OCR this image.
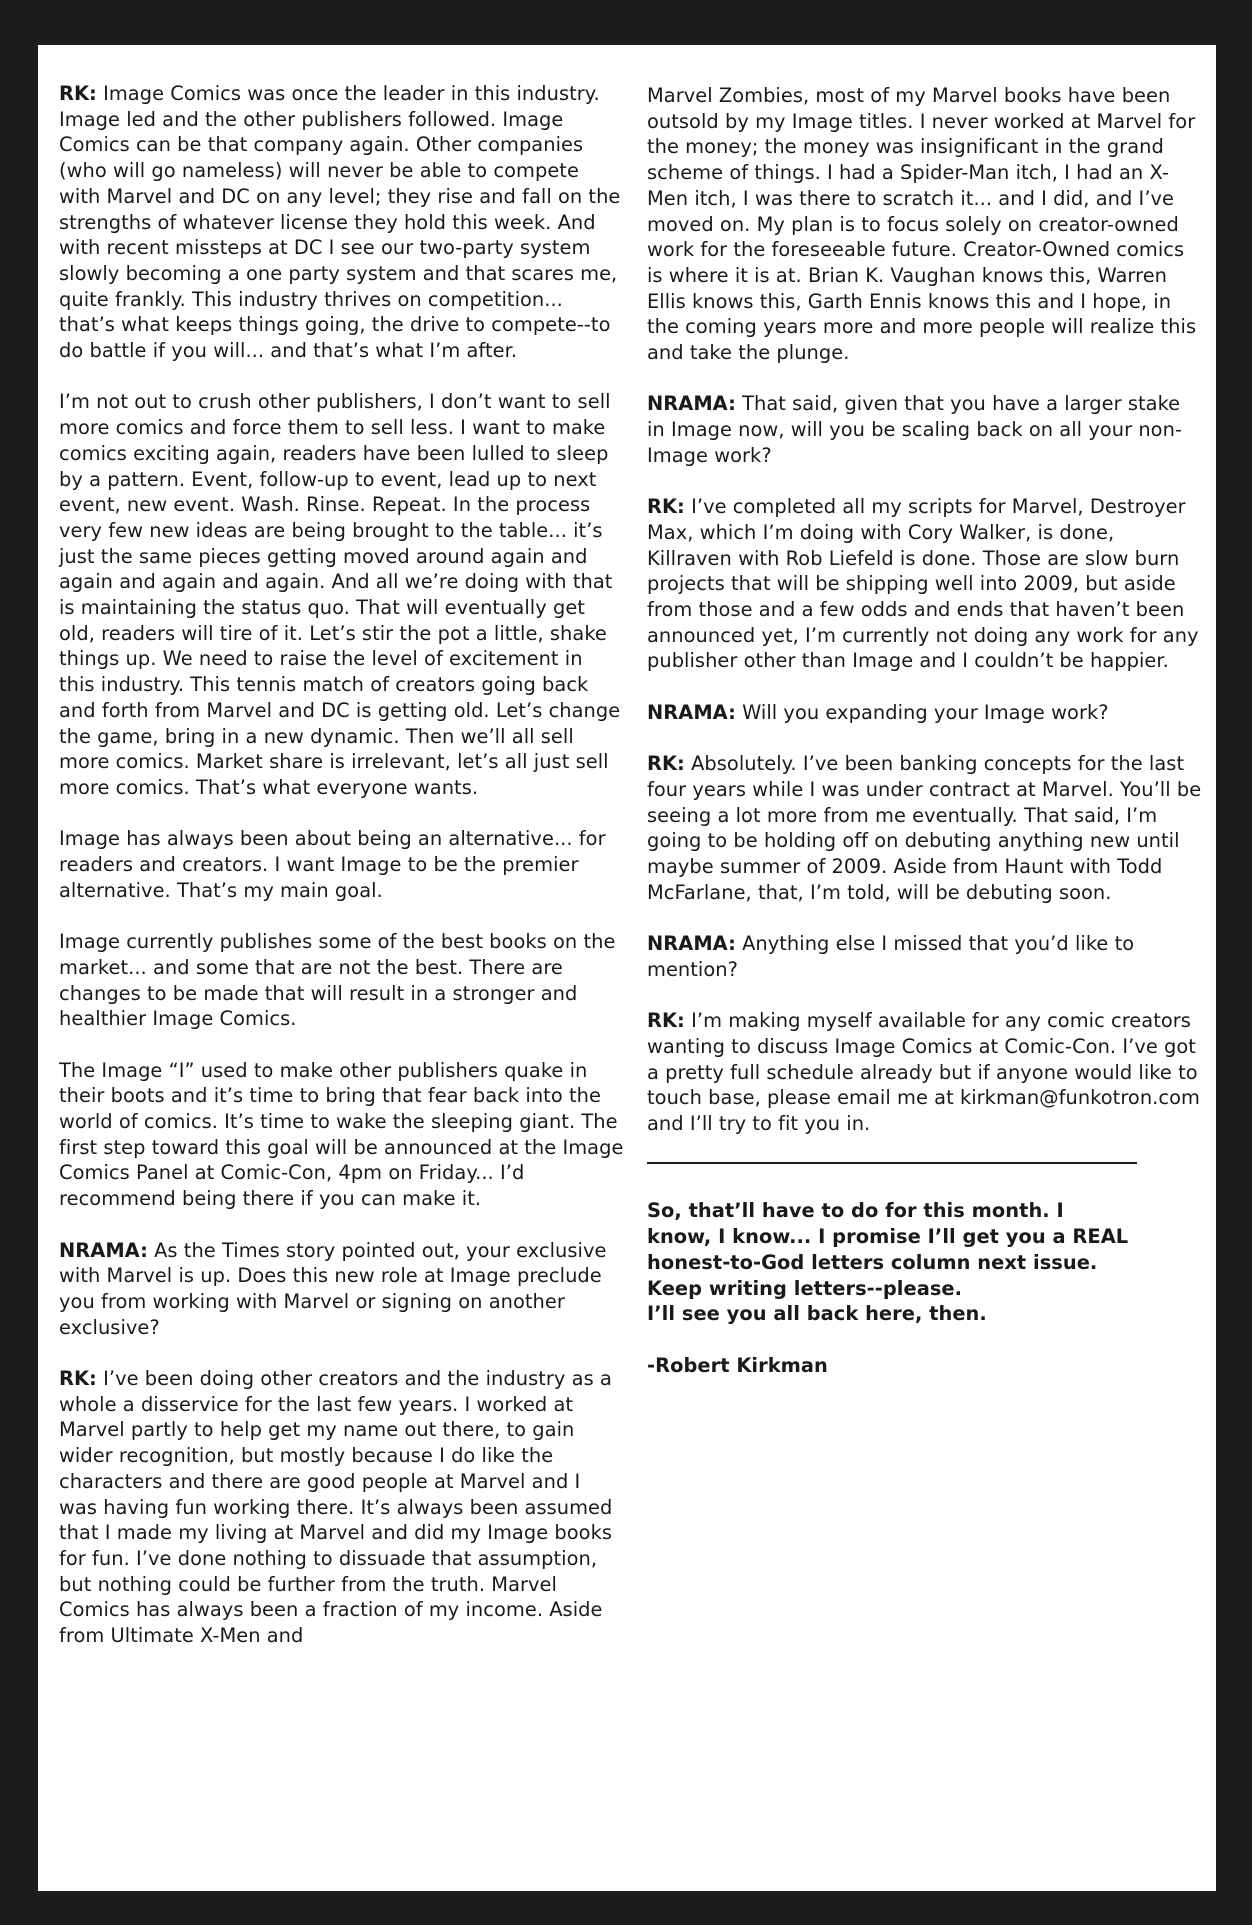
RK: Image Comics was once the leader in this industry. Image led and the other publishers followed. Image Comics can be that company again. Other companies (who will go nameless) will never be able to compete with Marvel and DC on any level; they rise and fall on the strengths of whatever license they hold this week. And with recent missteps at DC I see our two-party system slowly becoming a one party system and that scares me, quite frankly. This industry thrives on competition... that’s what keeps things going, the drive to compete--to do battle if you will... and that’s what I’m after.

I’m not out to crush other publishers, I don’t want to sell more comics and force them to sell less. I want to make comics exciting again, readers have been lulled to sleep by a pattern. Event, follow-up to event, lead up to next event, new event. Wash. Rinse. Repeat. In the process very few new ideas are being brought to the table... it’s just the same pieces getting moved around again and again and again and again. And all we’re doing with that is maintaining the status quo. That will eventually get old, readers will tire of it. Let’s stir the pot a little, shake things up. We need to raise the level of excitement in this industry. This tennis match of creators going back and forth from Marvel and DC is getting old. Let’s change the game, bring in a new dynamic. Then we’ll all sell more comics. Market share is irrelevant, let’s all just sell more comics. That’s what everyone wants.

Image has always been about being an alternative... for readers and creators. I want Image to be the premier alternative. That’s my main goal.

Image currently publishes some of the best books on the market... and some that are not the best. There are changes to be made that will result in a stronger and healthier Image Comics.

The Image “I” used to make other publishers quake in their boots and it’s time to bring that fear back into the world of comics. It’s time to wake the sleeping giant. The first step toward this goal will be announced at the Image Comics Panel at Comic-Con, 4pm on Friday... I’d recommend being there if you can make it.

NRAMA: As the Times story pointed out, your exclusive with Marvel is up. Does this new role at Image preclude you from working with Marvel or signing on another exclusive?

RK: I’ve been doing other creators and the industry as a whole a disservice for the last few years. I worked at Marvel partly to help get my name out there, to gain wider recognition, but mostly because I do like the characters and there are good people at Marvel and I was having fun working there. It’s always been assumed that I made my living at Marvel and did my Image books for fun. I’ve done nothing to dissuade that assumption, but nothing could be further from the truth. Marvel Comics has always been a fraction of my income. Aside from Ultimate X-Men and

Marvel Zombies, most of my Marvel books have been outsold by my Image titles. I never worked at Marvel for the money; the money was insignificant in the grand scheme of things. I had a Spider-Man itch, I had an X-Men itch, I was there to scratch it... and I did, and I’ve moved on. My plan is to focus solely on creator-owned work for the foreseeable future. Creator-Owned comics is where it is at. Brian K. Vaughan knows this, Warren Ellis knows this, Garth Ennis knows this and I hope, in the coming years more and more people will realize this and take the plunge.

NRAMA: That said, given that you have a larger stake in Image now, will you be scaling back on all your non-Image work?

RK: I’ve completed all my scripts for Marvel, Destroyer Max, which I’m doing with Cory Walker, is done, Killraven with Rob Liefeld is done. Those are slow burn projects that will be shipping well into 2009, but aside from those and a few odds and ends that haven’t been announced yet, I’m currently not doing any work for any publisher other than Image and I couldn’t be happier.

NRAMA: Will you expanding your Image work?

RK: Absolutely. I’ve been banking concepts for the last four years while I was under contract at Marvel. You’ll be seeing a lot more from me eventually. That said, I’m going to be holding off on debuting anything new until maybe summer of 2009. Aside from Haunt with Todd McFarlane, that, I’m told, will be debuting soon.

NRAMA: Anything else I missed that you’d like to mention?

RK: I’m making myself available for any comic creators wanting to discuss Image Comics at Comic-Con. I’ve got a pretty full schedule already but if anyone would like to touch base, please email me at kirkman@funkotron.com and I’ll try to fit you in.

So, that’ll have to do for this month. I
know, I know... I promise I’ll get you a REAL
honest-to-God letters column next issue.
Keep writing letters--please.
I’ll see you all back here, then.
-Robert Kirkman
